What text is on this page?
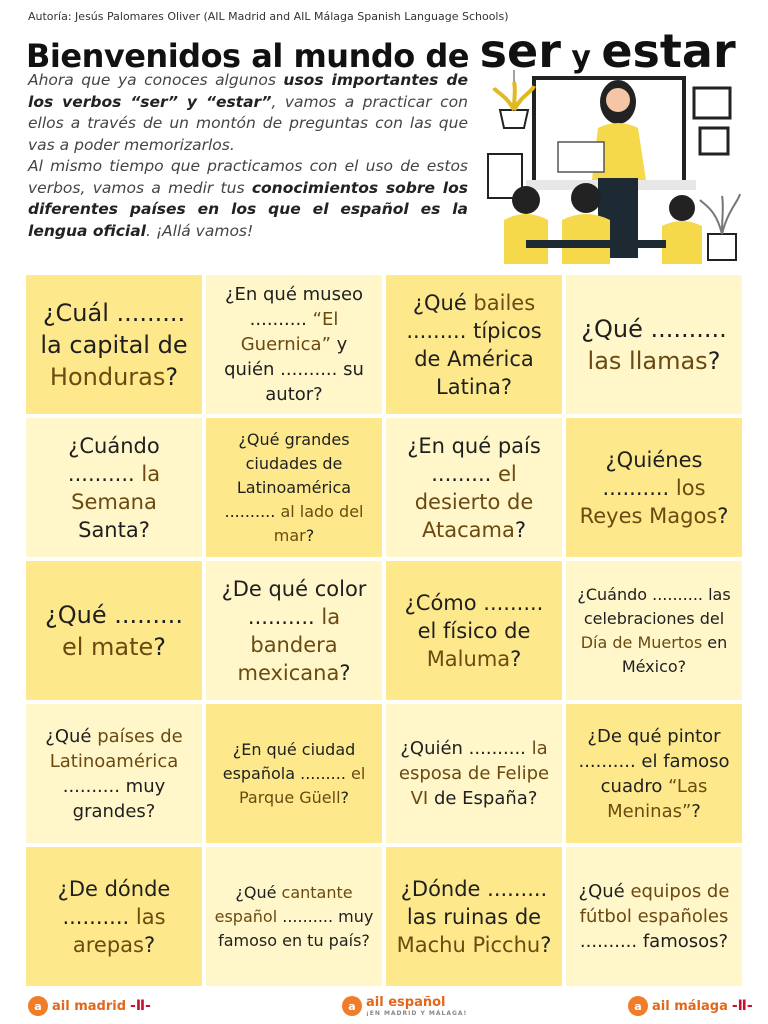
Autoría: Jesús Palomares Oliver (AIL Madrid and AIL Málaga Spanish Language Schools)
Bienvenidos al mundo de ser y estar
Ahora que ya conoces algunos usos importantes de los verbos “ser” y “estar”, vamos a practicar con ellos a través de un montón de preguntas con las que vas a poder memorizarlos.
Al mismo tiempo que practicamos con el uso de estos verbos, vamos a medir tus conocimientos sobre los diferentes países en los que el español es la lengua oficial. ¡Allá vamos!
¿Cuál ......... la capital de Honduras?
¿En qué museo .......... “El Guernica” y quién .......... su autor?
¿Qué bailes ......... típicos de América Latina?
¿Qué .......... las llamas?
¿Cuándo .......... la Semana Santa?
¿Qué grandes ciudades de Latinoamérica .......... al lado del mar?
¿En qué país ......... el desierto de Atacama?
¿Quiénes .......... los Reyes Magos?
¿Qué ......... el mate?
¿De qué color .......... la bandera mexicana?
¿Cómo ......... el físico de Maluma?
¿Cuándo .......... las celebraciones del Día de Muertos en México?
¿Qué países de Latinoamérica .......... muy grandes?
¿En qué ciudad española ......... el Parque Güell?
¿Quién .......... la esposa de Felipe VI de España?
¿De qué pintor .......... el famoso cuadro “Las Meninas”?
¿De dónde .......... las arepas?
¿Qué cantante español .......... muy famoso en tu país?
¿Dónde ......... las ruinas de Machu Picchu?
¿Qué equipos de fútbol españoles .......... famosos?
a ail madrid -Ⅱ-	a ail español
¡EN MADRID Y MÁLAGA!
a ail málaga -Ⅱ-
